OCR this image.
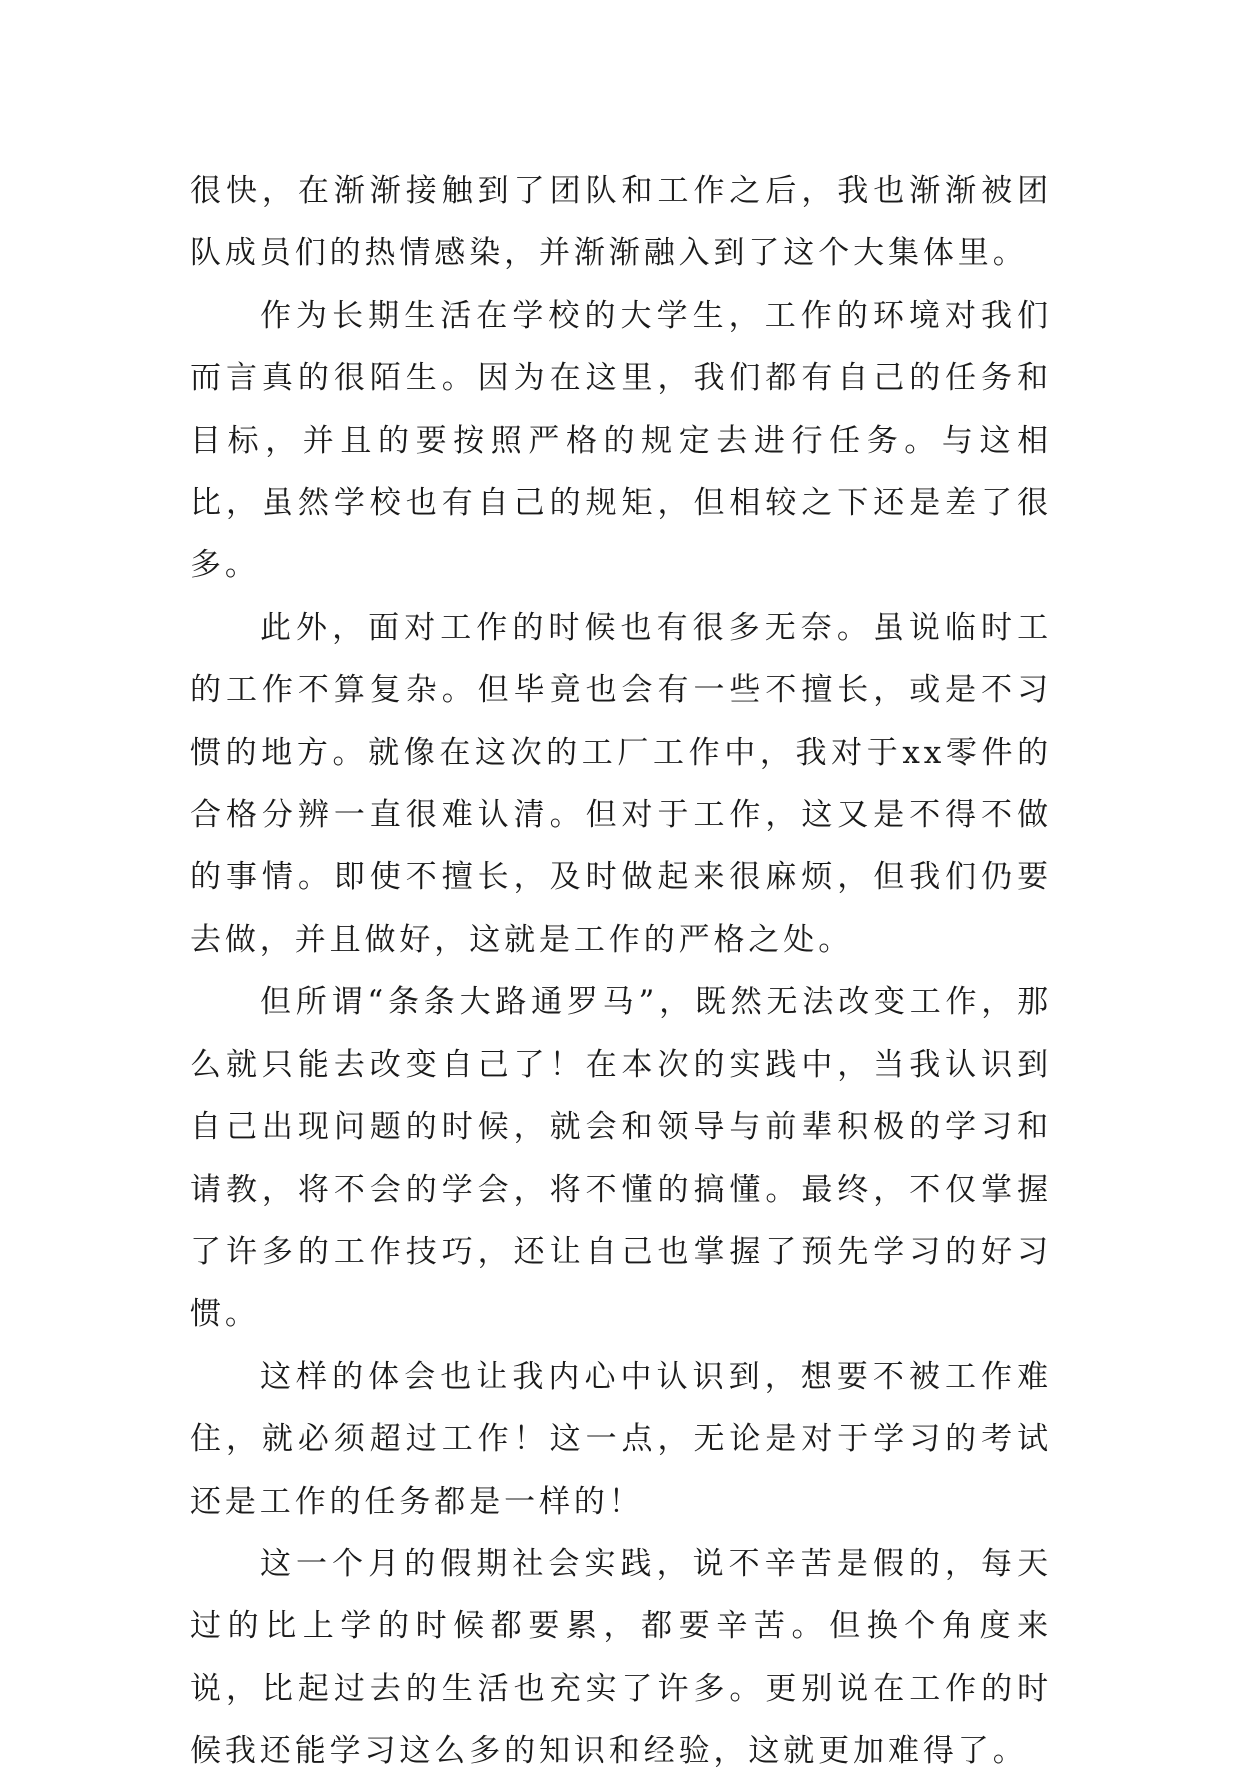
很快，在渐渐接触到了团队和工作之后，我也渐渐被团队成员们的热情感染，并渐渐融入到了这个大集体里。

作为长期生活在学校的大学生，工作的环境对我们而言真的很陌生。因为在这里，我们都有自己的任务和目标，并且的要按照严格的规定去进行任务。与这相比，虽然学校也有自己的规矩，但相较之下还是差了很多。

此外，面对工作的时候也有很多无奈。虽说临时工的工作不算复杂。但毕竟也会有一些不擅长，或是不习惯的地方。就像在这次的工厂工作中，我对于xx零件的合格分辨一直很难认清。但对于工作，这又是不得不做的事情。即使不擅长，及时做起来很麻烦，但我们仍要去做，并且做好，这就是工作的严格之处。

但所谓“条条大路通罗马”，既然无法改变工作，那么就只能去改变自己了！在本次的实践中，当我认识到自己出现问题的时候，就会和领导与前辈积极的学习和请教，将不会的学会，将不懂的搞懂。最终，不仅掌握了许多的工作技巧，还让自己也掌握了预先学习的好习惯。

这样的体会也让我内心中认识到，想要不被工作难住，就必须超过工作！这一点，无论是对于学习的考试还是工作的任务都是一样的！

这一个月的假期社会实践，说不辛苦是假的，每天过的比上学的时候都要累，都要辛苦。但换个角度来说，比起过去的生活也充实了许多。更别说在工作的时候我还能学习这么多的知识和经验，这就更加难得了。
